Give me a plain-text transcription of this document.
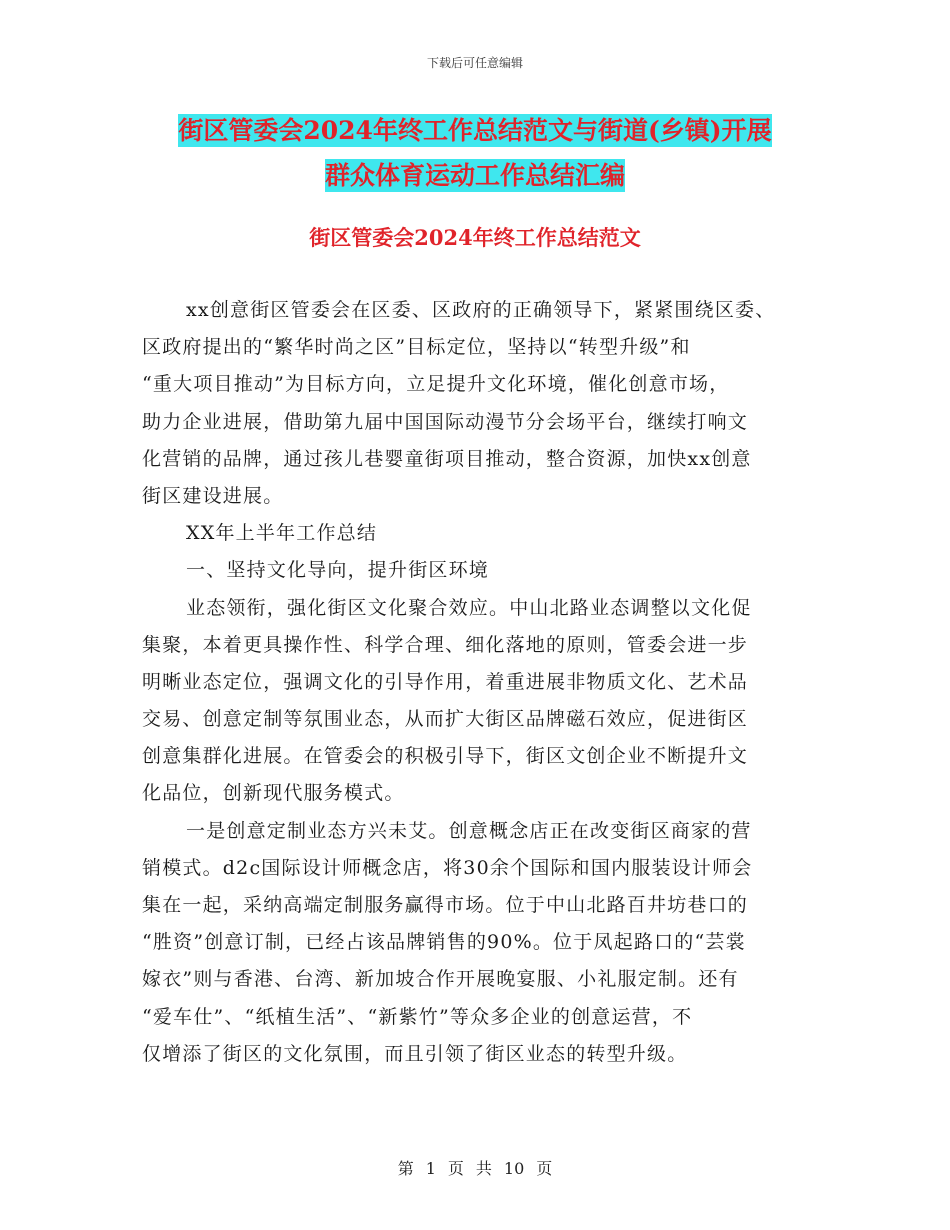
下载后可任意编辑
街区管委会2024年终工作总结范文与街道(乡镇)开展
群众体育运动工作总结汇编
街区管委会2024年终工作总结范文
xx创意街区管委会在区委、区政府的正确领导下，紧紧围绕区委、
区政府提出的“繁华时尚之区”目标定位，坚持以“转型升级”和
“重大项目推动”为目标方向，立足提升文化环境，催化创意市场，
助力企业进展，借助第九届中国国际动漫节分会场平台，继续打响文
化营销的品牌，通过孩儿巷婴童街项目推动，整合资源，加快xx创意
街区建设进展。
XX年上半年工作总结
一、坚持文化导向，提升街区环境
业态领衔，强化街区文化聚合效应。中山北路业态调整以文化促
集聚，本着更具操作性、科学合理、细化落地的原则，管委会进一步
明晰业态定位，强调文化的引导作用，着重进展非物质文化、艺术品
交易、创意定制等氛围业态，从而扩大街区品牌磁石效应，促进街区
创意集群化进展。在管委会的积极引导下，街区文创企业不断提升文
化品位，创新现代服务模式。
一是创意定制业态方兴未艾。创意概念店正在改变街区商家的营
销模式。d2c国际设计师概念店，将30余个国际和国内服装设计师会
集在一起，采纳高端定制服务赢得市场。位于中山北路百井坊巷口的
“胜资”创意订制，已经占该品牌销售的90%。位于凤起路口的“芸裳
嫁衣”则与香港、台湾、新加坡合作开展晚宴服、小礼服定制。还有
“爱车仕”、“纸植生活”、“新紫竹”等众多企业的创意运营，不
仅增添了街区的文化氛围，而且引领了街区业态的转型升级。
第 1 页 共 10 页
